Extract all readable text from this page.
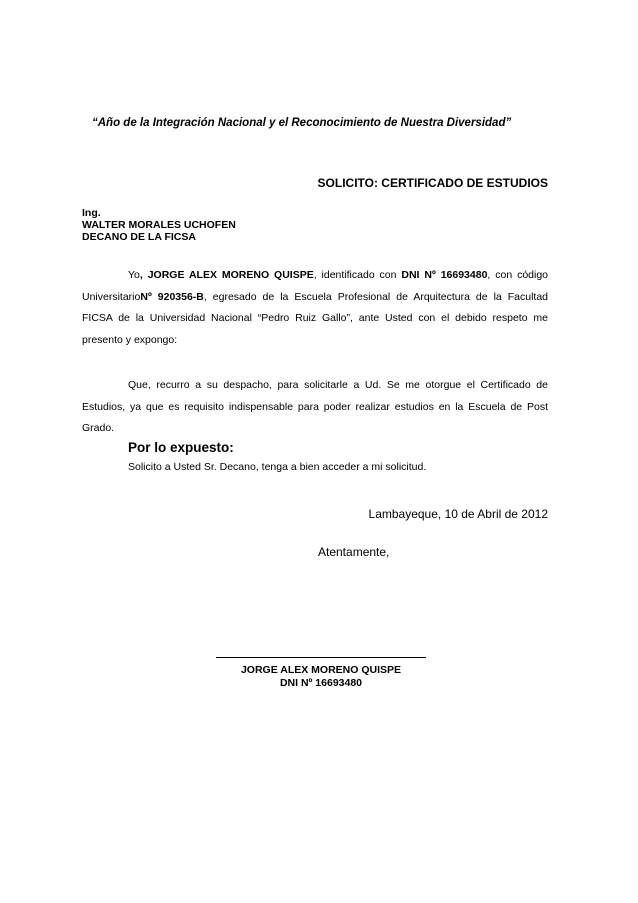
“Año de la Integración Nacional y el Reconocimiento de Nuestra Diversidad”
SOLICITO: CERTIFICADO DE ESTUDIOS
Ing.
WALTER MORALES UCHOFEN
DECANO DE LA FICSA
Yo, JORGE ALEX MORENO QUISPE, identificado con DNI Nº 16693480, con código UniversitarioNº 920356-B, egresado de la Escuela Profesional de Arquitectura de la Facultad FICSA de la Universidad Nacional “Pedro Ruiz Gallo”, ante Usted con el debido respeto me presento y expongo:
Que, recurro a su despacho, para solicitarle a Ud. Se me otorgue el Certificado de Estudios, ya que es requisito indispensable para poder realizar estudios en la Escuela de Post Grado.
Por lo expuesto:
Solicito a Usted Sr. Decano, tenga a bien acceder a mi solicitud.
Lambayeque, 10 de Abril de 2012
Atentamente,
JORGE ALEX MORENO QUISPE
DNI Nº 16693480
